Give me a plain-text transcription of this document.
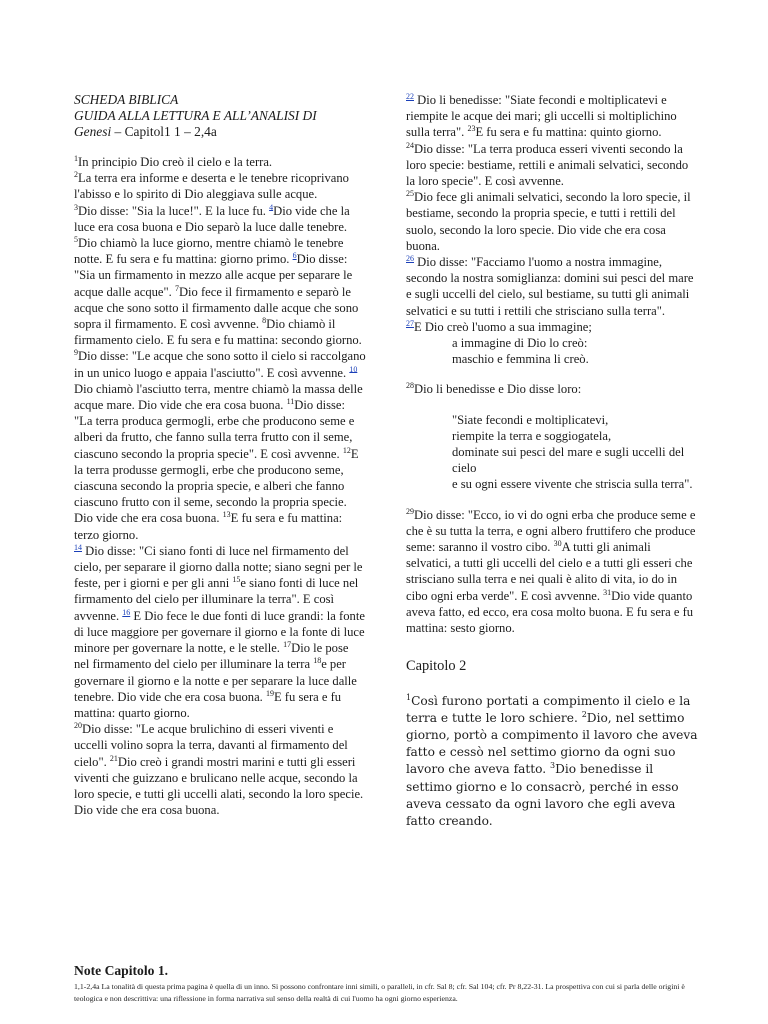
SCHEDA BIBLICA
GUIDA ALLA LETTURA E ALL’ANALISI DI
Genesi – Capitol1 1 – 2,4a

$^1$In principio Dio creò il cielo e la terra.

$^2$La terra era informe e deserta e le tenebre ricoprivano l'abisso e lo spirito di Dio aleggiava sulle acque.

$^3$Dio disse: "Sia la luce!". E la luce fu. $^4$Dio vide che la luce era cosa buona e Dio separò la luce dalle tenebre.

$^5$Dio chiamò la luce giorno, mentre chiamò le tenebre notte. E fu sera e fu mattina: giorno primo. $^6$Dio disse: "Sia un firmamento in mezzo alle acque per separare le acque dalle acque". $^7$Dio fece il firmamento e separò le acque che sono sotto il firmamento dalle acque che sono sopra il firmamento. E così avvenne. $^8$Dio chiamò il firmamento cielo. E fu sera e fu mattina: secondo giorno.

$^9$Dio disse: "Le acque che sono sotto il cielo si raccolgano in un unico luogo e appaia l'asciutto". E così avvenne. $^{10}$ Dio chiamò l'asciutto terra, mentre chiamò la massa delle acque mare. Dio vide che era cosa buona. $^{11}$Dio disse: "La terra produca germogli, erbe che producono seme e alberi da frutto, che fanno sulla terra frutto con il seme, ciascuno secondo la propria specie". E così avvenne. $^{12}$E la terra produsse germogli, erbe che producono seme, ciascuna secondo la propria specie, e alberi che fanno ciascuno frutto con il seme, secondo la propria specie. Dio vide che era cosa buona. $^{13}$E fu sera e fu mattina: terzo giorno.

$^{14}$ Dio disse: "Ci siano fonti di luce nel firmamento del cielo, per separare il giorno dalla notte; siano segni per le feste, per i giorni e per gli anni $^{15}$e siano fonti di luce nel firmamento del cielo per illuminare la terra". E così avvenne. $^{16}$ E Dio fece le due fonti di luce grandi: la fonte di luce maggiore per governare il giorno e la fonte di luce minore per governare la notte, e le stelle. $^{17}$Dio le pose nel firmamento del cielo per illuminare la terra $^{18}$e per governare il giorno e la notte e per separare la luce dalle tenebre. Dio vide che era cosa buona. $^{19}$E fu sera e fu mattina: quarto giorno.

$^{20}$Dio disse: "Le acque brulichino di esseri viventi e uccelli volino sopra la terra, davanti al firmamento del cielo". $^{21}$Dio creò i grandi mostri marini e tutti gli esseri viventi che guizzano e brulicano nelle acque, secondo la loro specie, e tutti gli uccelli alati, secondo la loro specie. Dio vide che era cosa buona.

$^{22}$ Dio li benedisse: "Siate fecondi e moltiplicatevi e riempite le acque dei mari; gli uccelli si moltiplichino sulla terra". $^{23}$E fu sera e fu mattina: quinto giorno.

$^{24}$Dio disse: "La terra produca esseri viventi secondo la loro specie: bestiame, rettili e animali selvatici, secondo la loro specie". E così avvenne.

$^{25}$Dio fece gli animali selvatici, secondo la loro specie, il bestiame, secondo la propria specie, e tutti i rettili del suolo, secondo la loro specie. Dio vide che era cosa buona.

$^{26}$ Dio disse: "Facciamo l'uomo a nostra immagine, secondo la nostra somiglianza: domini sui pesci del mare e sugli uccelli del cielo, sul bestiame, su tutti gli animali selvatici e su tutti i rettili che strisciano sulla terra".

$^{27}$E Dio creò l'uomo a sua immagine;

a immagine di Dio lo creò:

maschio e femmina li creò.

$^{28}$Dio li benedisse e Dio disse loro:

"Siate fecondi e moltiplicatevi,

riempite la terra e soggiogatela,

dominate sui pesci del mare e sugli uccelli del cielo

e su ogni essere vivente che striscia sulla terra".

$^{29}$Dio disse: "Ecco, io vi do ogni erba che produce seme e che è su tutta la terra, e ogni albero fruttifero che produce seme: saranno il vostro cibo. $^{30}$A tutti gli animali selvatici, a tutti gli uccelli del cielo e a tutti gli esseri che strisciano sulla terra e nei quali è alito di vita, io do in cibo ogni erba verde". E così avvenne. $^{31}$Dio vide quanto aveva fatto, ed ecco, era cosa molto buona. E fu sera e fu mattina: sesto giorno.

Capitolo 2

$^1$Così furono portati a compimento il cielo e la terra e tutte le loro schiere. $^2$Dio, nel settimo giorno, portò a compimento il lavoro che aveva fatto e cessò nel settimo giorno da ogni suo lavoro che aveva fatto. $^3$Dio benedisse il settimo giorno e lo consacrò, perché in esso aveva cessato da ogni lavoro che egli aveva fatto creando.

Note Capitolo 1.
1,1-2,4a La tonalità di questa prima pagina è quella di un inno. Si possono confrontare inni simili, o paralleli, in cfr. Sal 8; cfr. Sal 104; cfr. Pr 8,22-31. La prospettiva con cui si parla delle origini è teologica e non descrittiva: una riflessione in forma narrativa sul senso della realtà di cui l'uomo ha ogni giorno esperienza.
